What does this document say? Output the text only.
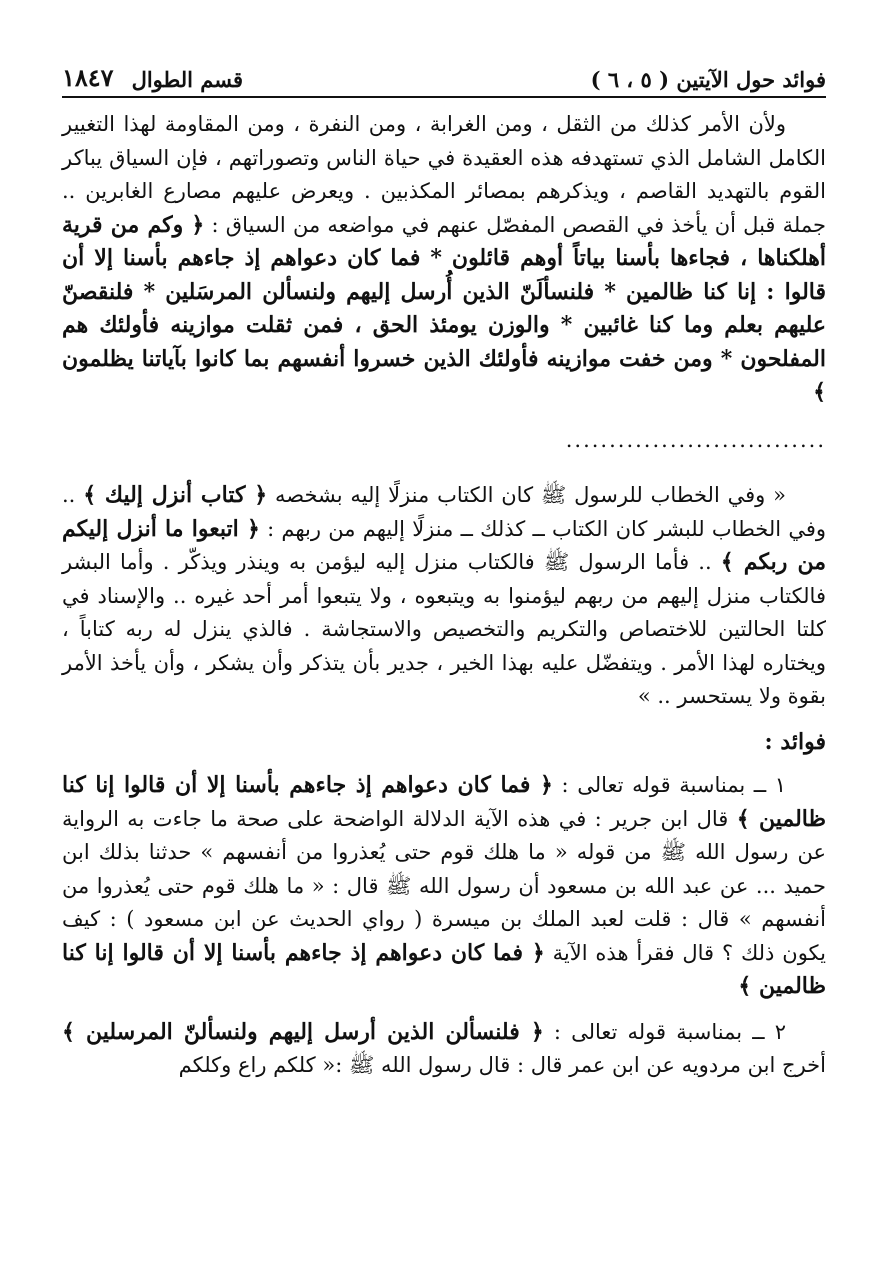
فوائد حول الآيتين ( ٥ ، ٦ )
قسم الطوال
١٨٤٧

ولأن الأمر كذلك من الثقل ، ومن الغرابة ، ومن النفرة ، ومن المقاومة لهذا التغيير الكامل الشامل الذي تستهدفه هذه العقيدة في حياة الناس وتصوراتهم ، فإن السياق يباكر القوم بالتهديد القاصم ، ويذكرهم بمصائر المكذبين . ويعرض عليهم مصارع الغابرين .. جملة قبل أن يأخذ في القصص المفصّل عنهم في مواضعه من السياق : ﴿ وكم من قرية أهلكناها ، فجاءها بأسنا بياتاً أوهم قائلون * فما كان دعواهم إذ جاءهم بأسنا إلا أن قالوا : إنا كنا ظالمين * فلنسألَنّ الذين أُرسل إليهم ولنسألن المرسَلين * فلنقصنّ عليهم بعلم وما كنا غائبين * والوزن يومئذ الحق ، فمن ثقلت موازينه فأولئك هم المفلحون * ومن خفت موازينه فأولئك الذين خسروا أنفسهم بما كانوا بآياتنا يظلمون ﴾

..............................

« وفي الخطاب للرسول ﷺ كان الكتاب منزلًا إليه بشخصه ﴿ كتاب أنزل إليك ﴾ .. وفي الخطاب للبشر كان الكتاب ــ كذلك ــ منزلًا إليهم من ربهم : ﴿ اتبعوا ما أنزل إليكم من ربكم ﴾ .. فأما الرسول ﷺ فالكتاب منزل إليه ليؤمن به وينذر ويذكّر . وأما البشر فالكتاب منزل إليهم من ربهم ليؤمنوا به ويتبعوه ، ولا يتبعوا أمر أحد غيره .. والإسناد في كلتا الحالتين للاختصاص والتكريم والتخصيص والاستجاشة . فالذي ينزل له ربه كتاباً ، ويختاره لهذا الأمر . ويتفضّل عليه بهذا الخير ، جدير بأن يتذكر وأن يشكر ، وأن يأخذ الأمر بقوة ولا يستحسر .. »

فوائد :

١ ــ بمناسبة قوله تعالى : ﴿ فما كان دعواهم إذ جاءهم بأسنا إلا أن قالوا إنا كنا ظالمين ﴾ قال ابن جرير : في هذه الآية الدلالة الواضحة على صحة ما جاءت به الرواية عن رسول الله ﷺ من قوله « ما هلك قوم حتى يُعذروا من أنفسهم » حدثنا بذلك ابن حميد ... عن عبد الله بن مسعود أن رسول الله ﷺ قال : « ما هلك قوم حتى يُعذروا من أنفسهم » قال : قلت لعبد الملك بن ميسرة ( رواي الحديث عن ابن مسعود ) : كيف يكون ذلك ؟ قال فقرأ هذه الآية ﴿ فما كان دعواهم إذ جاءهم بأسنا إلا أن قالوا إنا كنا ظالمين ﴾

٢ ــ بمناسبة قوله تعالى : ﴿ فلنسألن الذين أرسل إليهم ولنسألنّ المرسلين ﴾ أخرج ابن مردويه عن ابن عمر قال : قال رسول الله ﷺ :« كلكم راع وكلكم
